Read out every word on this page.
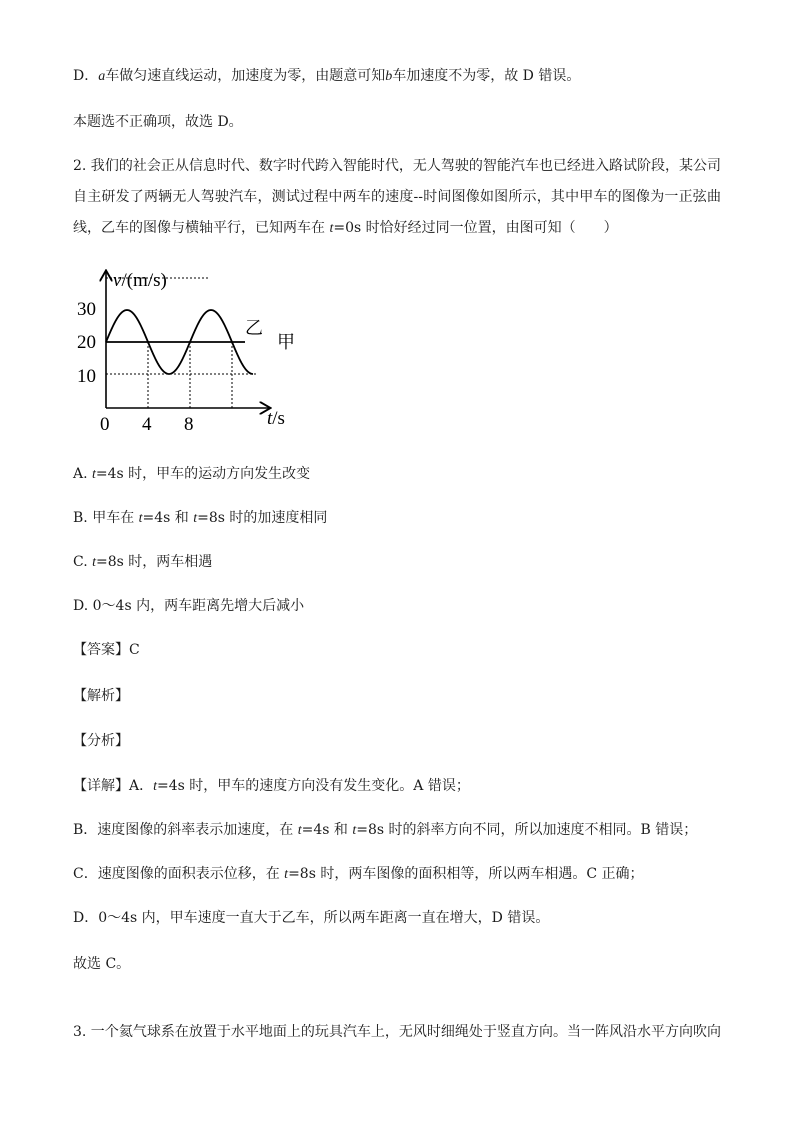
D．a车做匀速直线运动，加速度为零，由题意可知b车加速度不为零，故 D 错误。
本题选不正确项，故选 D。
2. 我们的社会正从信息时代、数字时代跨入智能时代，无人驾驶的智能汽车也已经进入路试阶段，某公司
自主研发了两辆无人驾驶汽车，测试过程中两车的速度--时间图像如图所示，其中甲车的图像为一正弦曲
线，乙车的图像与横轴平行，已知两车在 t=0s 时恰好经过同一位置，由图可知（　　）
v/(m/s)
t/s
30
20
10
0 4 8
乙
甲
A. t=4s 时，甲车的运动方向发生改变
B. 甲车在 t=4s 和 t=8s 时的加速度相同
C. t=8s 时，两车相遇
D. 0～4s 内，两车距离先增大后减小
【答案】C
【解析】
【分析】
【详解】A．t=4s 时，甲车的速度方向没有发生变化。A 错误；
B．速度图像的斜率表示加速度，在 t=4s 和 t=8s 时的斜率方向不同，所以加速度不相同。B 错误；
C．速度图像的面积表示位移，在 t=8s 时，两车图像的面积相等，所以两车相遇。C 正确；
D．0～4s 内，甲车速度一直大于乙车，所以两车距离一直在增大，D 错误。
故选 C。
3. 一个氦气球系在放置于水平地面上的玩具汽车上，无风时细绳处于竖直方向。当一阵风沿水平方向吹向
